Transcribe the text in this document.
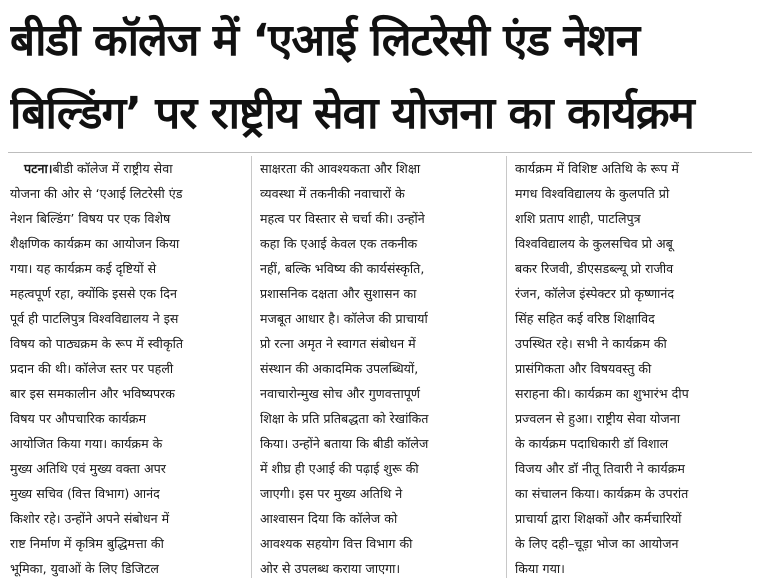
बीडी कॉलेज में ‘एआई लिटरेसी एंड नेशन
बिल्डिंग’ पर राष्ट्रीय सेवा योजना का कार्यक्रम
पटना।बीडी कॉलेज में राष्ट्रीय सेवा
योजना की ओर से ‘एआई लिटरेसी एंड
नेशन बिल्डिंग’ विषय पर एक विशेष
शैक्षणिक कार्यक्रम का आयोजन किया
गया। यह कार्यक्रम कई दृष्टियों से
महत्वपूर्ण रहा, क्योंकि इससे एक दिन
पूर्व ही पाटलिपुत्र विश्वविद्यालय ने इस
विषय को पाठ्यक्रम के रूप में स्वीकृति
प्रदान की थी। कॉलेज स्तर पर पहली
बार इस समकालीन और भविष्यपरक
विषय पर औपचारिक कार्यक्रम
आयोजित किया गया। कार्यक्रम के
मुख्य अतिथि एवं मुख्य वक्ता अपर
मुख्य सचिव (वित्त विभाग) आनंद
किशोर रहे। उन्होंने अपने संबोधन में
राष्ट निर्माण में कृत्रिम बुद्धिमत्ता की
भूमिका, युवाओं के लिए डिजिटल
साक्षरता की आवश्यकता और शिक्षा
व्यवस्था में तकनीकी नवाचारों के
महत्व पर विस्तार से चर्चा की। उन्होंने
कहा कि एआई केवल एक तकनीक
नहीं, बल्कि भविष्य की कार्यसंस्कृति,
प्रशासनिक दक्षता और सुशासन का
मजबूत आधार है। कॉलेज की प्राचार्या
प्रो रत्ना अमृत ने स्वागत संबोधन में
संस्थान की अकादमिक उपलब्धियों,
नवाचारोन्मुख सोच और गुणवत्तापूर्ण
शिक्षा के प्रति प्रतिबद्धता को रेखांकित
किया। उन्होंने बताया कि बीडी कॉलेज
में शीघ्र ही एआई की पढ़ाई शुरू की
जाएगी। इस पर मुख्य अतिथि ने
आश्वासन दिया कि कॉलेज को
आवश्यक सहयोग वित्त विभाग की
ओर से उपलब्ध कराया जाएगा।
कार्यक्रम में विशिष्ट अतिथि के रूप में
मगध विश्वविद्यालय के कुलपति प्रो
शशि प्रताप शाही, पाटलिपुत्र
विश्वविद्यालय के कुलसचिव प्रो अबू
बकर रिजवी, डीएसडब्ल्यू प्रो राजीव
रंजन, कॉलेज इंस्पेक्टर प्रो कृष्णानंद
सिंह सहित कई वरिष्ठ शिक्षाविद
उपस्थित रहे। सभी ने कार्यक्रम की
प्रासंगिकता और विषयवस्तु की
सराहना की। कार्यक्रम का शुभारंभ दीप
प्रज्वलन से हुआ। राष्ट्रीय सेवा योजना
के कार्यक्रम पदाधिकारी डॉ विशाल
विजय और डॉ नीतू तिवारी ने कार्यक्रम
का संचालन किया। कार्यक्रम के उपरांत
प्राचार्या द्वारा शिक्षकों और कर्मचारियों
के लिए दही–चूड़ा भोज का आयोजन
किया गया।
